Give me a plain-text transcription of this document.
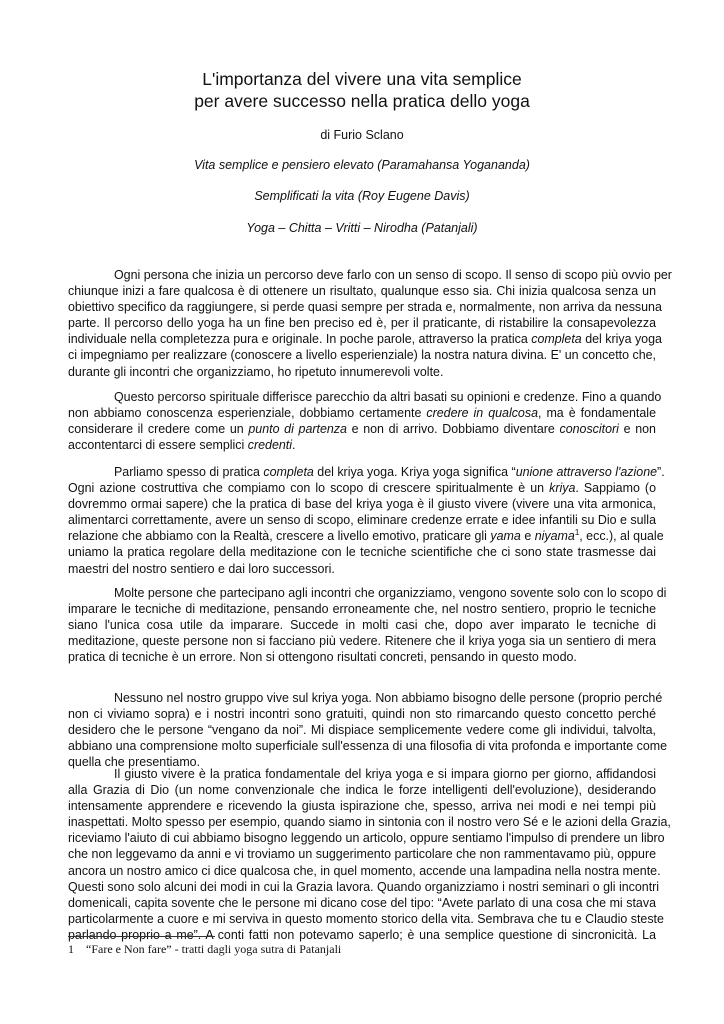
L'importanza del vivere una vita semplice
per avere successo nella pratica dello yoga
di Furio Sclano
Vita semplice e pensiero elevato (Paramahansa Yogananda)
Semplificati la vita (Roy Eugene Davis)
Yoga – Chitta – Vritti – Nirodha (Patanjali)
Ogni persona che inizia un percorso deve farlo con un senso di scopo. Il senso di scopo più ovvio per
chiunque inizi a fare qualcosa è di ottenere un risultato, qualunque esso sia. Chi inizia qualcosa senza un
obiettivo specifico da raggiungere, si perde quasi sempre per strada e, normalmente, non arriva da nessuna
parte. Il percorso dello yoga ha un fine ben preciso ed è, per il praticante, di ristabilire la consapevolezza
individuale nella completezza pura e originale. In poche parole, attraverso la pratica completa del kriya yoga
ci impegniamo per realizzare (conoscere a livello esperienziale) la nostra natura divina. E' un concetto che,
durante gli incontri che organizziamo, ho ripetuto innumerevoli volte.
Questo percorso spirituale differisce parecchio da altri basati su opinioni e credenze. Fino a quando
non abbiamo conoscenza esperienziale, dobbiamo certamente credere in qualcosa, ma è fondamentale
considerare il credere come un punto di partenza e non di arrivo. Dobbiamo diventare conoscitori e non
accontentarci di essere semplici credenti.
Parliamo spesso di pratica completa del kriya yoga. Kriya yoga significa “unione attraverso l'azione”.
Ogni azione costruttiva che compiamo con lo scopo di crescere spiritualmente è un kriya. Sappiamo (o
dovremmo ormai sapere) che la pratica di base del kriya yoga è il giusto vivere (vivere una vita armonica,
alimentarci correttamente, avere un senso di scopo, eliminare credenze errate e idee infantili su Dio e sulla
relazione che abbiamo con la Realtà, crescere a livello emotivo, praticare gli yama e niyama$^1$, ecc.), al quale
uniamo la pratica regolare della meditazione con le tecniche scientifiche che ci sono state trasmesse dai
maestri del nostro sentiero e dai loro successori.
Molte persone che partecipano agli incontri che organizziamo, vengono sovente solo con lo scopo di
imparare le tecniche di meditazione, pensando erroneamente che, nel nostro sentiero, proprio le tecniche
siano l'unica cosa utile da imparare. Succede in molti casi che, dopo aver imparato le tecniche di
meditazione, queste persone non si facciano più vedere. Ritenere che il kriya yoga sia un sentiero di mera
pratica di tecniche è un errore. Non si ottengono risultati concreti, pensando in questo modo.
Nessuno nel nostro gruppo vive sul kriya yoga. Non abbiamo bisogno delle persone (proprio perché
non ci viviamo sopra) e i nostri incontri sono gratuiti, quindi non sto rimarcando questo concetto perché
desidero che le persone “vengano da noi”. Mi dispiace semplicemente vedere come gli individui, talvolta,
abbiano una comprensione molto superficiale sull'essenza di una filosofia di vita profonda e importante come
quella che presentiamo.
Il giusto vivere è la pratica fondamentale del kriya yoga e si impara giorno per giorno, affidandosi
alla Grazia di Dio (un nome convenzionale che indica le forze intelligenti dell'evoluzione), desiderando
intensamente apprendere e ricevendo la giusta ispirazione che, spesso, arriva nei modi e nei tempi più
inaspettati. Molto spesso per esempio, quando siamo in sintonia con il nostro vero Sé e le azioni della Grazia,
riceviamo l'aiuto di cui abbiamo bisogno leggendo un articolo, oppure sentiamo l'impulso di prendere un libro
che non leggevamo da anni e vi troviamo un suggerimento particolare che non rammentavamo più, oppure
ancora un nostro amico ci dice qualcosa che, in quel momento, accende una lampadina nella nostra mente.
Questi sono solo alcuni dei modi in cui la Grazia lavora. Quando organizziamo i nostri seminari o gli incontri
domenicali, capita sovente che le persone mi dicano cose del tipo: “Avete parlato di una cosa che mi stava
particolarmente a cuore e mi serviva in questo momento storico della vita. Sembrava che tu e Claudio steste
parlando proprio a me”. A conti fatti non potevamo saperlo; è una semplice questione di sincronicità. La
1 “Fare e Non fare” - tratti dagli yoga sutra di Patanjali
